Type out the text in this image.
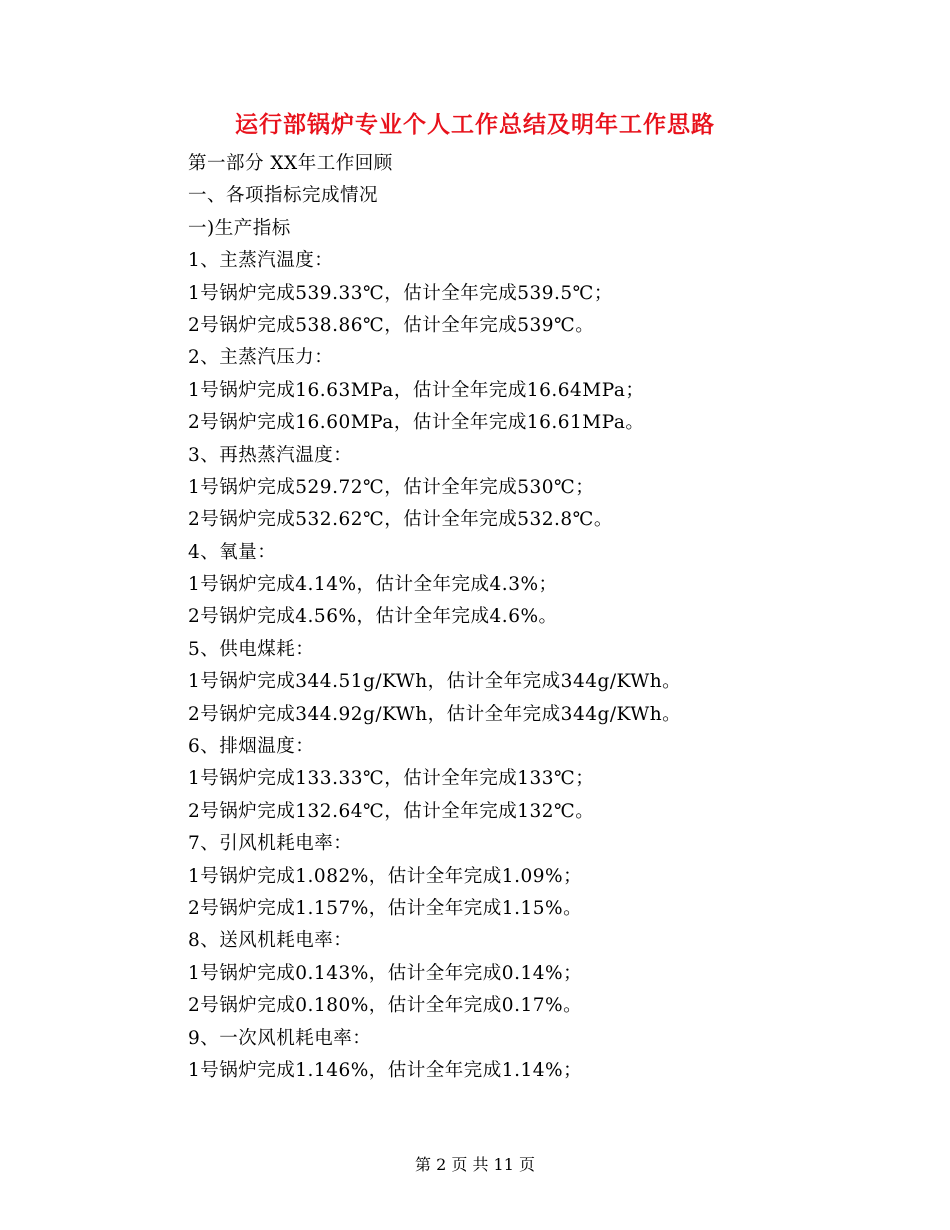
运行部锅炉专业个人工作总结及明年工作思路
第一部分 XX年工作回顾
一、各项指标完成情况
一)生产指标
1、主蒸汽温度：
1号锅炉完成539.33℃，估计全年完成539.5℃；
2号锅炉完成538.86℃，估计全年完成539℃。
2、主蒸汽压力：
1号锅炉完成16.63MPa，估计全年完成16.64MPa；
2号锅炉完成16.60MPa，估计全年完成16.61MPa。
3、再热蒸汽温度：
1号锅炉完成529.72℃，估计全年完成530℃；
2号锅炉完成532.62℃，估计全年完成532.8℃。
4、氧量：
1号锅炉完成4.14%，估计全年完成4.3%；
2号锅炉完成4.56%，估计全年完成4.6%。
5、供电煤耗：
1号锅炉完成344.51g/KWh，估计全年完成344g/KWh。
2号锅炉完成344.92g/KWh，估计全年完成344g/KWh。
6、排烟温度：
1号锅炉完成133.33℃，估计全年完成133℃；
2号锅炉完成132.64℃，估计全年完成132℃。
7、引风机耗电率：
1号锅炉完成1.082%，估计全年完成1.09%；
2号锅炉完成1.157%，估计全年完成1.15%。
8、送风机耗电率：
1号锅炉完成0.143%，估计全年完成0.14%；
2号锅炉完成0.180%，估计全年完成0.17%。
9、一次风机耗电率：
1号锅炉完成1.146%，估计全年完成1.14%；
第 2 页 共 11 页
